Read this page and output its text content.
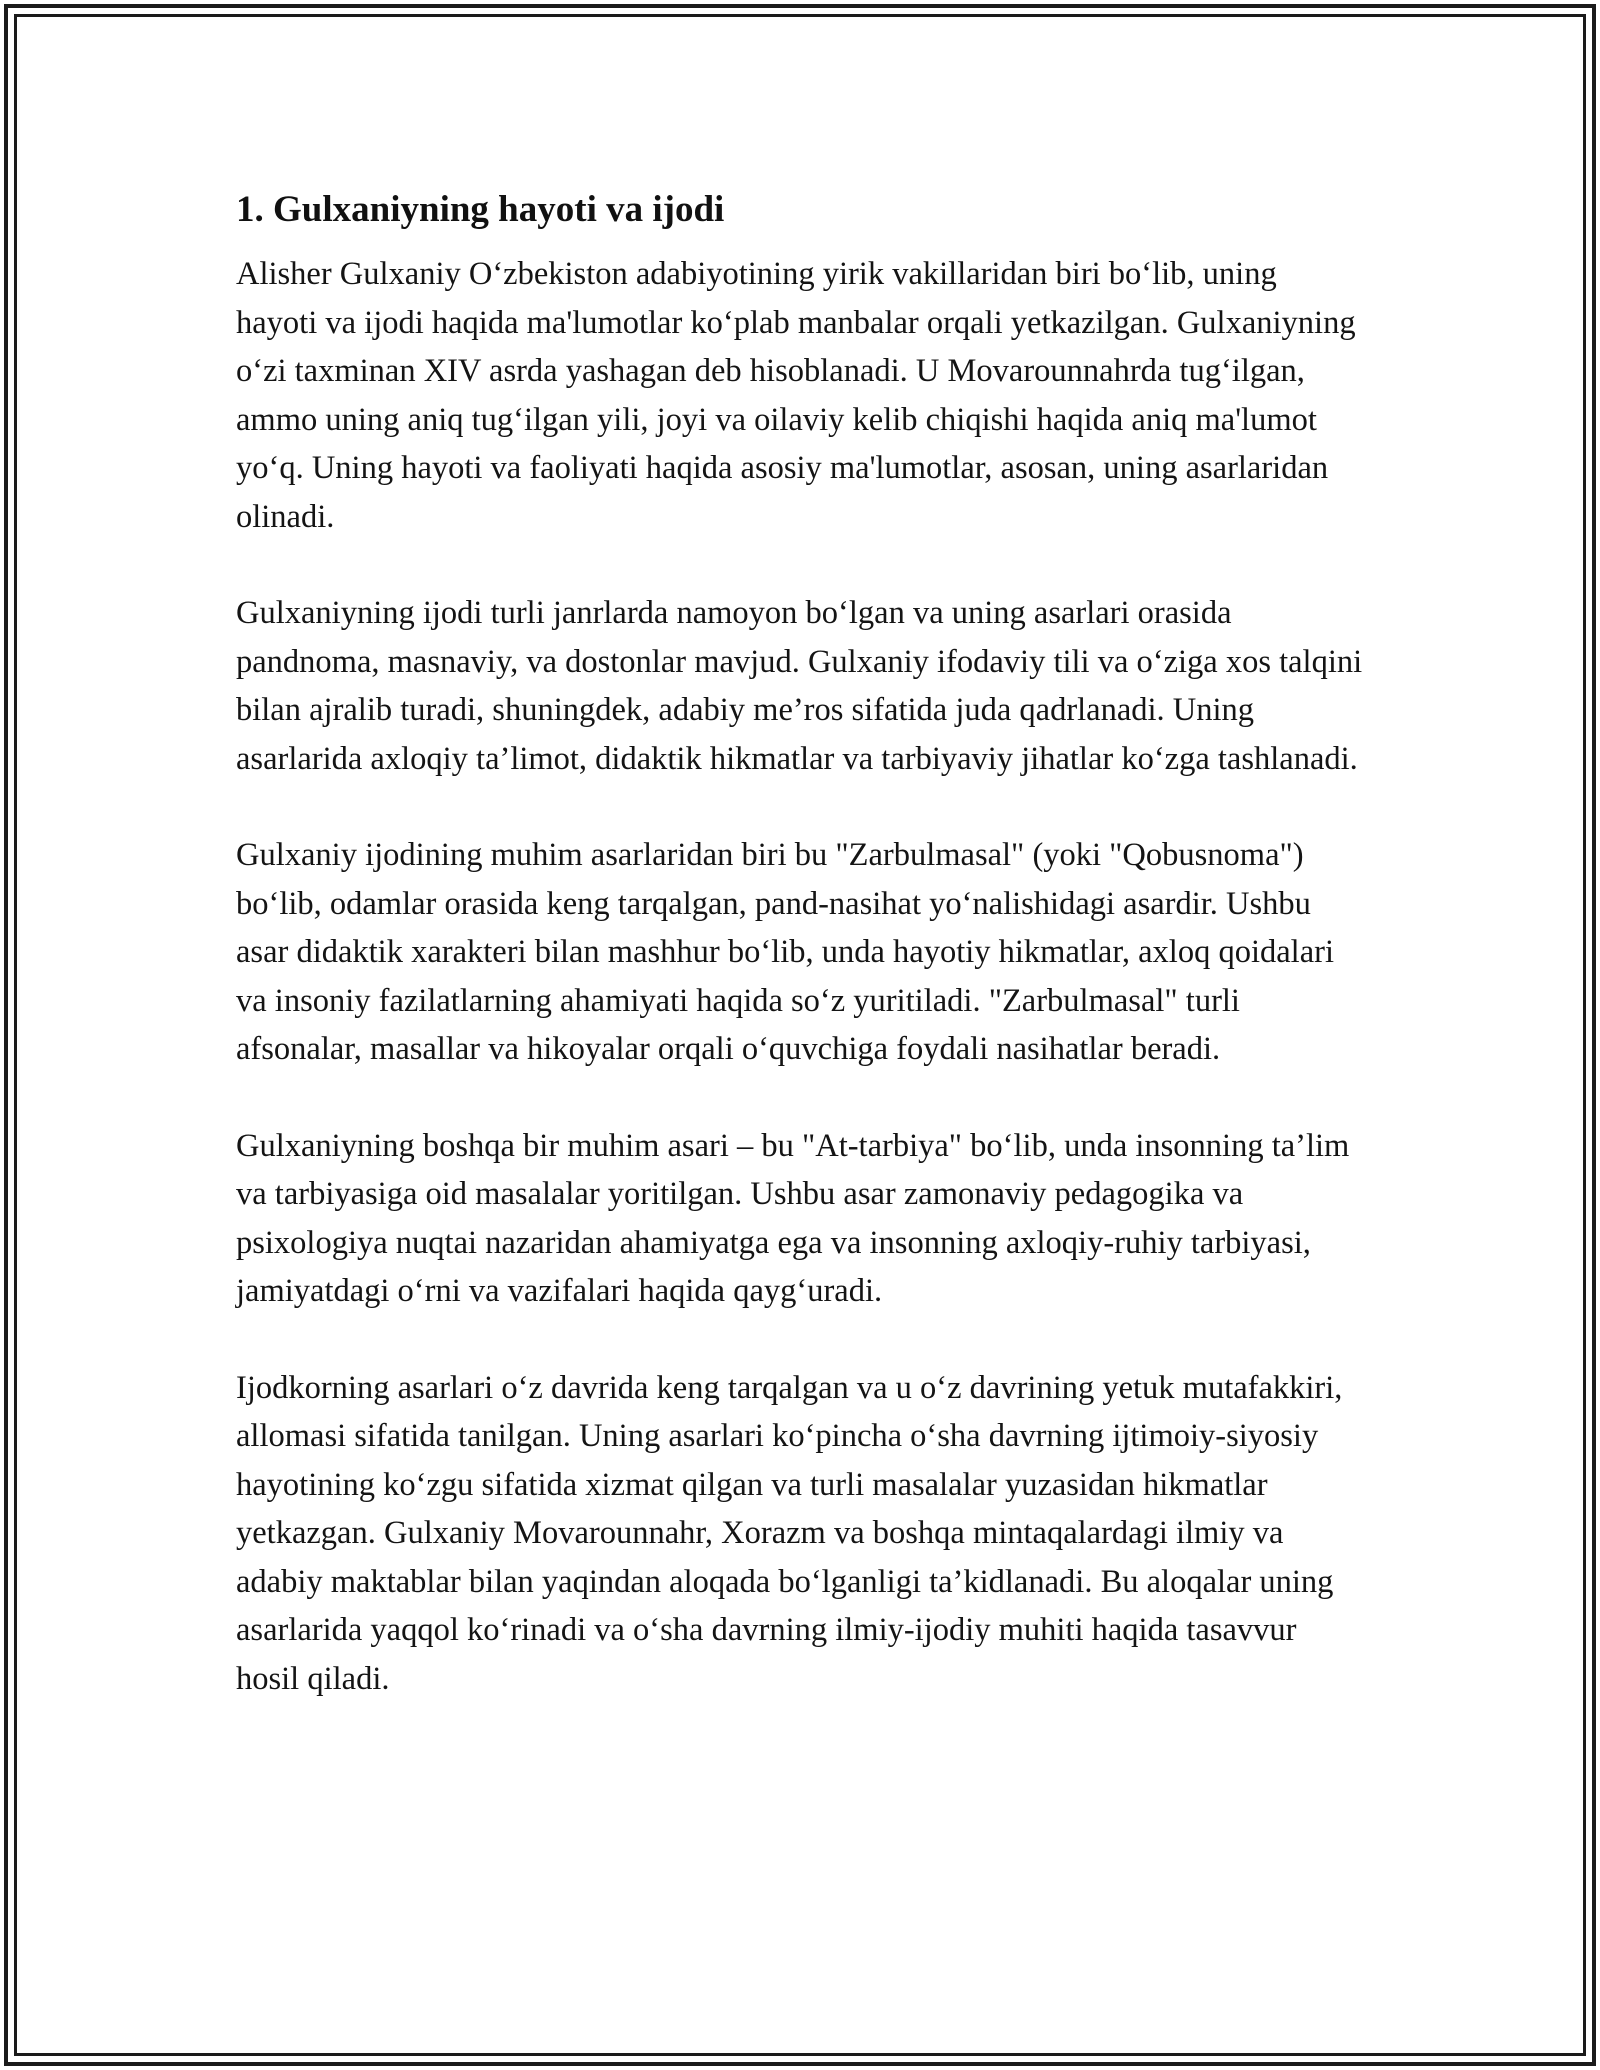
1. Gulxaniyning hayoti va ijodi

Alisher Gulxaniy O‘zbekiston adabiyotining yirik vakillaridan biri bo‘lib, uning hayoti va ijodi haqida ma'lumotlar ko‘plab manbalar orqali yetkazilgan. Gulxaniyning o‘zi taxminan XIV asrda yashagan deb hisoblanadi. U Movarounnahrda tug‘ilgan, ammo uning aniq tug‘ilgan yili, joyi va oilaviy kelib chiqishi haqida aniq ma'lumot yo‘q. Uning hayoti va faoliyati haqida asosiy ma'lumotlar, asosan, uning asarlaridan olinadi.

Gulxaniyning ijodi turli janrlarda namoyon bo‘lgan va uning asarlari orasida pandnoma, masnaviy, va dostonlar mavjud. Gulxaniy ifodaviy tili va o‘ziga xos talqini bilan ajralib turadi, shuningdek, adabiy me’ros sifatida juda qadrlanadi. Uning asarlarida axloqiy ta’limot, didaktik hikmatlar va tarbiyaviy jihatlar ko‘zga tashlanadi.

Gulxaniy ijodining muhim asarlaridan biri bu "Zarbulmasal" (yoki "Qobusnoma") bo‘lib, odamlar orasida keng tarqalgan, pand-nasihat yo‘nalishidagi asardir. Ushbu asar didaktik xarakteri bilan mashhur bo‘lib, unda hayotiy hikmatlar, axloq qoidalari va insoniy fazilatlarning ahamiyati haqida so‘z yuritiladi. "Zarbulmasal" turli afsonalar, masallar va hikoyalar orqali o‘quvchiga foydali nasihatlar beradi.

Gulxaniyning boshqa bir muhim asari – bu "At-tarbiya" bo‘lib, unda insonning ta’lim va tarbiyasiga oid masalalar yoritilgan. Ushbu asar zamonaviy pedagogika va psixologiya nuqtai nazaridan ahamiyatga ega va insonning axloqiy-ruhiy tarbiyasi, jamiyatdagi o‘rni va vazifalari haqida qayg‘uradi.

Ijodkorning asarlari o‘z davrida keng tarqalgan va u o‘z davrining yetuk mutafakkiri, allomasi sifatida tanilgan. Uning asarlari ko‘pincha o‘sha davrning ijtimoiy-siyosiy hayotining ko‘zgu sifatida xizmat qilgan va turli masalalar yuzasidan hikmatlar yetkazgan. Gulxaniy Movarounnahr, Xorazm va boshqa mintaqalardagi ilmiy va adabiy maktablar bilan yaqindan aloqada bo‘lganligi ta’kidlanadi. Bu aloqalar uning asarlarida yaqqol ko‘rinadi va o‘sha davrning ilmiy-ijodiy muhiti haqida tasavvur hosil qiladi.
